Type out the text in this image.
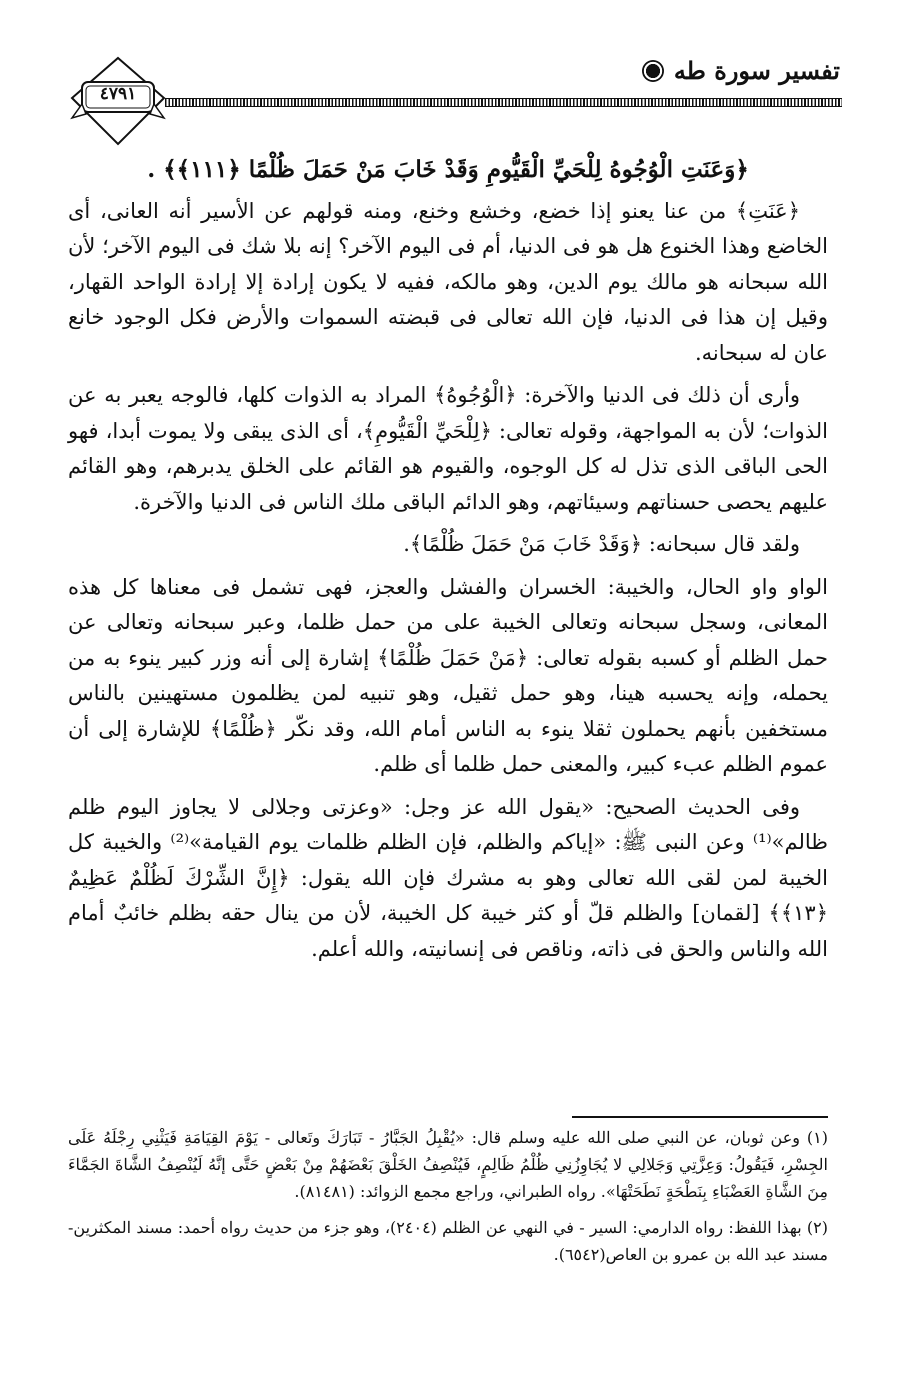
تفسير سورة طه
٤٧٩١

﴿وَعَنَتِ الْوُجُوهُ لِلْحَيِّ الْقَيُّومِ وَقَدْ خَابَ مَنْ حَمَلَ ظُلْمًا ﴿١١١﴾﴾ .

﴿عَنَتِ﴾ من عنا يعنو إذا خضع، وخشع وخنع، ومنه قولهم عن الأسير أنه العانى، أى الخاضع وهذا الخنوع هل هو فى الدنيا، أم فى اليوم الآخر؟ إنه بلا شك فى اليوم الآخر؛ لأن الله سبحانه هو مالك يوم الدين، وهو مالكه، ففيه لا يكون إرادة إلا إرادة الواحد القهار، وقيل إن هذا فى الدنيا، فإن الله تعالى فى قبضته السموات والأرض فكل الوجود خانع عان له سبحانه.

وأرى أن ذلك فى الدنيا والآخرة: ﴿الْوُجُوهُ﴾ المراد به الذوات كلها، فالوجه يعبر به عن الذوات؛ لأن به المواجهة، وقوله تعالى: ﴿لِلْحَيِّ الْقَيُّومِ﴾، أى الذى يبقى ولا يموت أبدا، فهو الحى الباقى الذى تذل له كل الوجوه، والقيوم هو القائم على الخلق يدبرهم، وهو القائم عليهم يحصى حسناتهم وسيئاتهم، وهو الدائم الباقى ملك الناس فى الدنيا والآخرة.

ولقد قال سبحانه: ﴿وَقَدْ خَابَ مَنْ حَمَلَ ظُلْمًا﴾.

الواو واو الحال، والخيبة: الخسران والفشل والعجز، فهى تشمل فى معناها كل هذه المعانى، وسجل سبحانه وتعالى الخيبة على من حمل ظلما، وعبر سبحانه وتعالى عن حمل الظلم أو كسبه بقوله تعالى: ﴿مَنْ حَمَلَ ظُلْمًا﴾ إشارة إلى أنه وزر كبير ينوء به من يحمله، وإنه يحسبه هينا، وهو حمل ثقيل، وهو تنبيه لمن يظلمون مستهينين بالناس مستخفين بأنهم يحملون ثقلا ينوء به الناس أمام الله، وقد نكّر ﴿ظُلْمًا﴾ للإشارة إلى أن عموم الظلم عبء كبير، والمعنى حمل ظلما أى ظلم.

وفى الحديث الصحيح: «يقول الله عز وجل: «وعزتى وجلالى لا يجاوز اليوم ظلم ظالم»⁽¹⁾ وعن النبى ﷺ: «إياكم والظلم، فإن الظلم ظلمات يوم القيامة»⁽²⁾ والخيبة كل الخيبة لمن لقى الله تعالى وهو به مشرك فإن الله يقول: ﴿إِنَّ الشِّرْكَ لَظُلْمٌ عَظِيمٌ ﴿١٣﴾﴾ [لقمان] والظلم قلّ أو كثر خيبة كل الخيبة، لأن من ينال حقه بظلم خائبٌ أمام الله والناس والحق فى ذاته، وناقص فى إنسانيته، والله أعلم.

(١) وعن ثوبان، عن النبي صلى الله عليه وسلم قال: «يُقْبِلُ الجَبَّارُ - تَبَارَكَ وتَعالى - يَوْمَ القِيَامَةِ فَيَثْنِي رِجْلَهُ عَلَى الجِسْرِ، فَيَقُولُ: وَعِزَّتِي وَجَلالِي لا يُجَاوِزُنِي ظُلْمُ ظَالِمٍ، فَيُنْصِفُ الخَلْقَ بَعْضَهُمْ مِنْ بَعْضٍ حَتَّى إنَّهُ لَيُنْصِفُ الشَّاةَ الجَمَّاءَ مِنَ الشَّاةِ العَضْبَاءِ بِنَطْحَةٍ نَطَحَتْهَا». رواه الطبراني، وراجع مجمع الزوائد: (٨١٤٨١).

(٢) بهذا اللفظ: رواه الدارمي: السير - في النهي عن الظلم (٢٤٠٤)، وهو جزء من حديث رواه أحمد: مسند المكثرين- مسند عبد الله بن عمرو بن العاص(٦٥٤٢).
